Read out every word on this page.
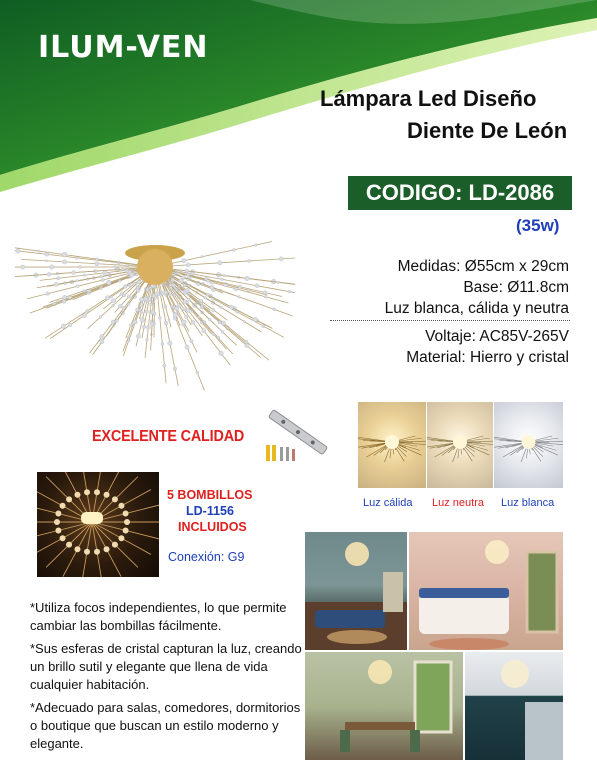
ILUM-VEN
Lámpara Led Diseño
Diente De León
CODIGO: LD-2086
(35w)
Medidas: Ø55cm x 29cm
Base: Ø11.8cm
Luz blanca, cálida y neutra
Voltaje: AC85V-265V
Material: Hierro y cristal
EXCELENTE CALIDAD
Luz cálida Luz neutra Luz blanca
5 BOMBILLOS
LD-1156
INCLUIDOS
Conexión: G9
*Utiliza focos independientes, lo que permite cambiar las bombillas fácilmente.
*Sus esferas de cristal capturan la luz, creando un brillo sutil y elegante que llena de vida cualquier habitación.
*Adecuado para salas, comedores, dormitorios o boutique que buscan un estilo moderno y elegante.
